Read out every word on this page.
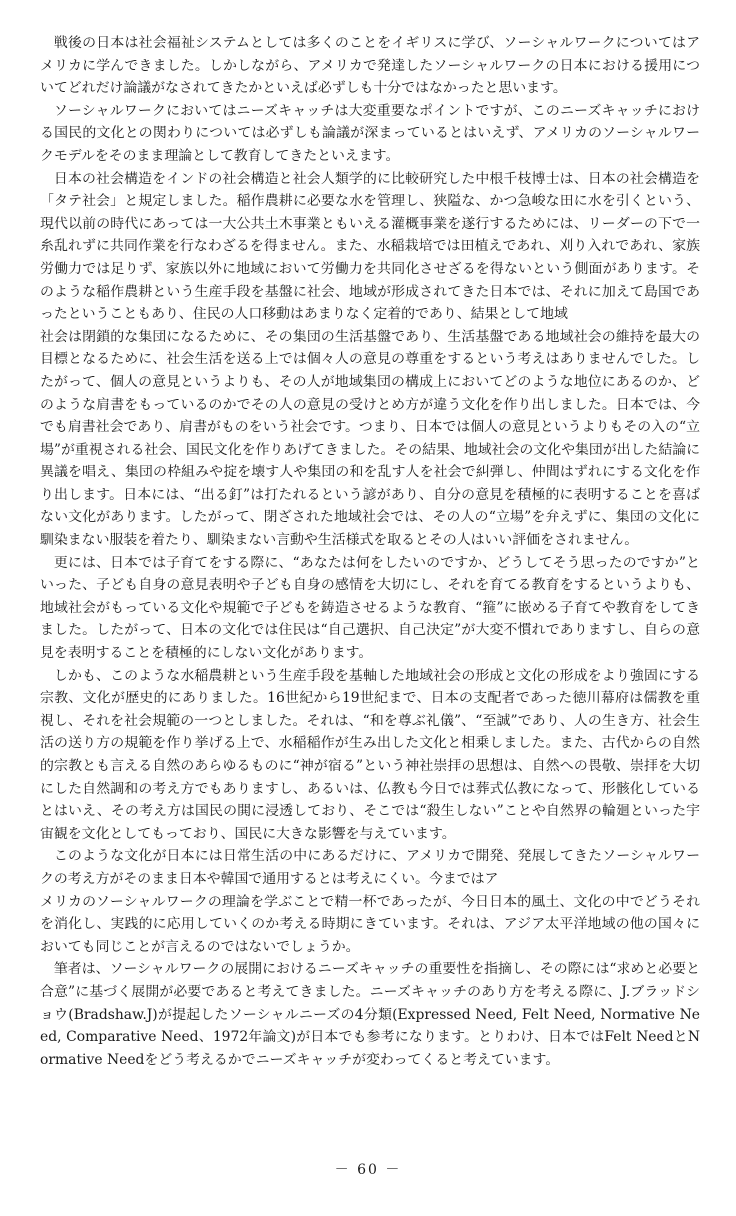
戦後の日本は社会福祉システムとしては多くのことをイギリスに学び、ソーシャルワークについてはアメリカに学んできました。しかしながら、アメリカで発達したソーシャルワークの日本における援用についてどれだけ論議がなされてきたかといえば必ずしも十分ではなかったと思います。

ソーシャルワークにおいてはニーズキャッチは大変重要なポイントですが、このニーズキャッチにおける国民的文化との関わりについては必ずしも論議が深まっているとはいえず、アメリカのソーシャルワークモデルをそのまま理論として教育してきたといえます。

日本の社会構造をインドの社会構造と社会人類学的に比較研究した中根千枝博士は、日本の社会構造を「タテ社会」と規定しました。稲作農耕に必要な水を管理し、狭隘な、かつ急峻な田に水を引くという、現代以前の時代にあっては一大公共土木事業ともいえる灌概事業を遂行するためには、リーダーの下で一糸乱れずに共同作業を行なわざるを得ません。また、水稲栽培では田植えであれ、刈り入れであれ、家族労働力では足りず、家族以外に地域において労働力を共同化させざるを得ないという側面があります。そのような稲作農耕という生産手段を基盤に社会、地域が形成されてきた日本では、それに加えて島国であったということもあり、住民の人口移動はあまりなく定着的であり、結果として地域

社会は閉鎖的な集団になるために、その集団の生活基盤であり、生活基盤である地域社会の維持を最大の目標となるために、社会生活を送る上では個々人の意見の尊重をするという考えはありませんでした。したがって、個人の意見というよりも、その人が地域集団の構成上においてどのような地位にあるのか、どのような肩書をもっているのかでその人の意見の受けとめ方が違う文化を作り出しました。日本では、今でも肩書社会であり、肩書がものをいう社会です。つまり、日本では個人の意見というよりもその入の“立場”が重視される社会、国民文化を作りあげてきました。その結果、地域社会の文化や集団が出した結論に異議を唱え、集団の枠組みや掟を壊す人や集団の和を乱す人を社会で糾弾し、仲間はずれにする文化を作り出します。日本には、“出る釘”は打たれるという諺があり、自分の意見を積極的に表明することを喜ばない文化があります。したがって、閉ざされた地域社会では、その人の“立場”を弁えずに、集団の文化に馴染まない服装を着たり、馴染まない言動や生活様式を取るとその人はいい評価をされません。

更には、日本では子育てをする際に、“あなたは何をしたいのですか、どうしてそう思ったのですか”といった、子ども自身の意見表明や子ども自身の感情を大切にし、それを育てる教育をするというよりも、地域社会がもっている文化や規範で子どもを鋳造させるような教育、“箍”に嵌める子育てや教育をしてきました。したがって、日本の文化では住民は“自己選択、自己決定”が大変不慣れでありますし、自らの意見を表明することを積極的にしない文化があります。

しかも、このような水稲農耕という生産手段を基軸した地域社会の形成と文化の形成をより強固にする宗教、文化が歴史的にありました。16世紀から19世紀まで、日本の支配者であった徳川幕府は儒教を重視し、それを社会規範の一つとしました。それは、“和を尊ぶ礼儀”、“至誠”であり、人の生き方、社会生活の送り方の規範を作り挙げる上で、水稲稲作が生み出した文化と相乗しました。また、古代からの自然的宗教とも言える自然のあらゆるものに“神が宿る”という神社崇拝の思想は、自然への畏敬、崇拝を大切にした自然調和の考え方でもありますし、あるいは、仏教も今日では葬式仏教になって、形骸化しているとはいえ、その考え方は国民の閧に浸透しており、そこでは“殺生しない”ことや自然界の輪廻といった宇宙観を文化としてもっており、国民に大きな影響を与えています。

このような文化が日本には日常生活の中にあるだけに、アメリカで開発、発展してきたソーシャルワークの考え方がそのまま日本や韓国で通用するとは考えにくい。今まではア

メリカのソーシャルワークの理論を学ぶことで精一杯であったが、今日日本的風土、文化の中でどうそれを消化し、実践的に応用していくのか考える時期にきています。それは、アジア太平洋地域の他の国々においても同じことが言えるのではないでしょうか。

筆者は、ソーシャルワークの展開におけるニーズキャッチの重要性を指摘し、その際には“求めと必要と合意”に基づく展開が必要であると考えてきました。ニーズキャッチのあり方を考える際に、J.ブラッドショウ(Bradshaw.J)が提起したソーシャルニーズの4分類(Expressed Need, Felt Need, Normative Need, Comparative Need、1972年論文)が日本でも参考になります。とりわけ、日本ではFelt NeedとNormative Needをどう考えるかでニーズキャッチが変わってくると考えています。

－ 60 －
